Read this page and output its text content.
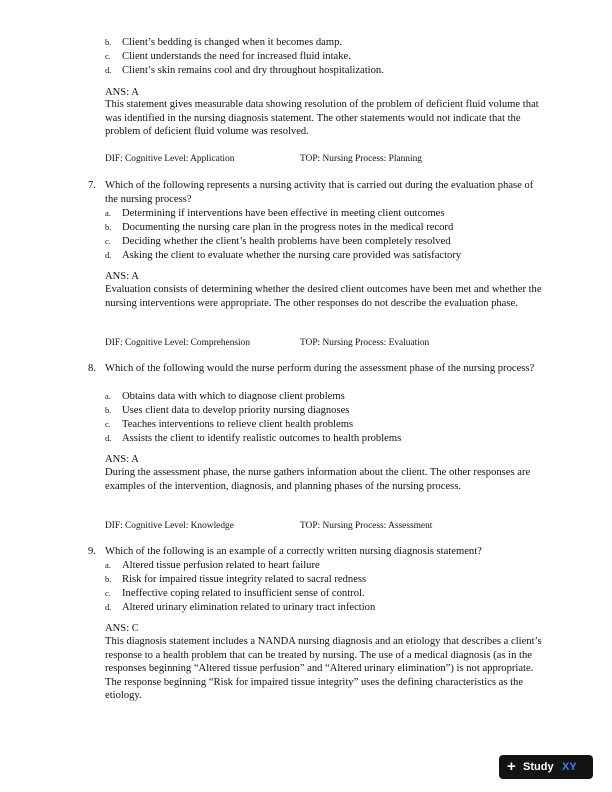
b. Client’s bedding is changed when it becomes damp.
c. Client understands the need for increased fluid intake.
d. Client’s skin remains cool and dry throughout hospitalization.
ANS: A
This statement gives measurable data showing resolution of the problem of deficient fluid volume that was identified in the nursing diagnosis statement. The other statements would not indicate that the problem of deficient fluid volume was resolved.
DIF: Cognitive Level: Application	TOP: Nursing Process: Planning
7. Which of the following represents a nursing activity that is carried out during the evaluation phase of the nursing process?
a. Determining if interventions have been effective in meeting client outcomes
b. Documenting the nursing care plan in the progress notes in the medical record
c. Deciding whether the client’s health problems have been completely resolved
d. Asking the client to evaluate whether the nursing care provided was satisfactory
ANS: A
Evaluation consists of determining whether the desired client outcomes have been met and whether the nursing interventions were appropriate. The other responses do not describe the evaluation phase.
DIF: Cognitive Level: Comprehension	TOP: Nursing Process: Evaluation
8. Which of the following would the nurse perform during the assessment phase of the nursing process?
a. Obtains data with which to diagnose client problems
b. Uses client data to develop priority nursing diagnoses
c. Teaches interventions to relieve client health problems
d. Assists the client to identify realistic outcomes to health problems
ANS: A
During the assessment phase, the nurse gathers information about the client. The other responses are examples of the intervention, diagnosis, and planning phases of the nursing process.
DIF: Cognitive Level: Knowledge	TOP: Nursing Process: Assessment
9. Which of the following is an example of a correctly written nursing diagnosis statement?
a. Altered tissue perfusion related to heart failure
b. Risk for impaired tissue integrity related to sacral redness
c. Ineffective coping related to insufficient sense of control.
d. Altered urinary elimination related to urinary tract infection
ANS: C
This diagnosis statement includes a NANDA nursing diagnosis and an etiology that describes a client’s response to a health problem that can be treated by nursing. The use of a medical diagnosis (as in the responses beginning “Altered tissue perfusion” and “Altered urinary elimination”) is not appropriate. The response beginning “Risk for impaired tissue integrity” uses the defining characteristics as the etiology.
+ Study XY
